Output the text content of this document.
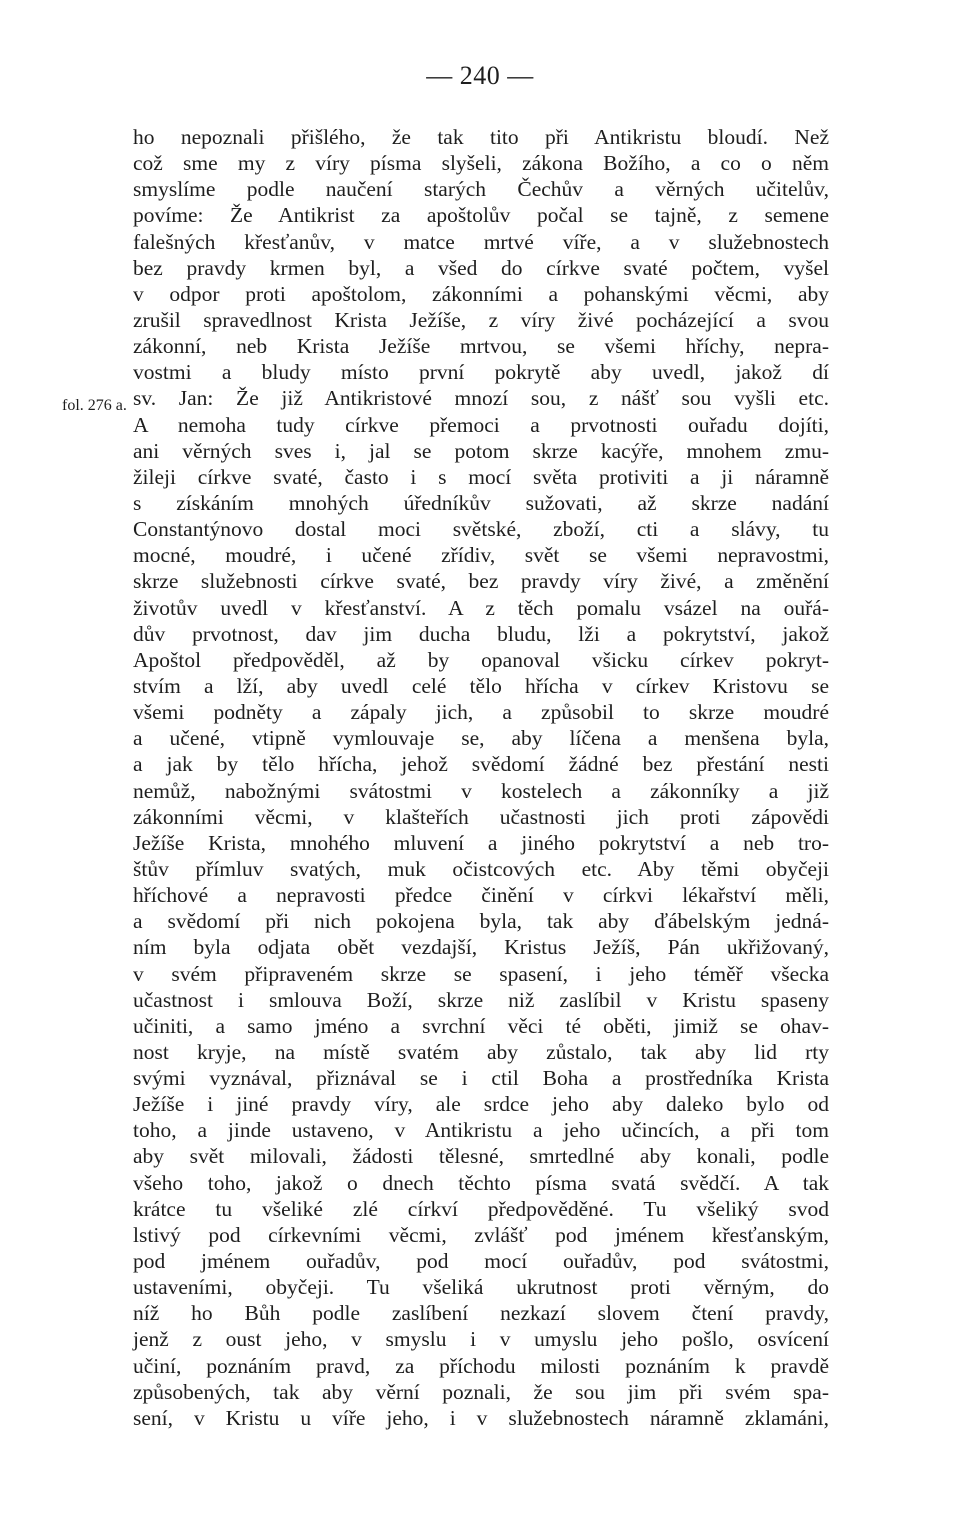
— 240 —
fol. 276 a.
ho nepoznali přišlého, že tak tito při Antikristu bloudí. Než
což sme my z víry písma slyšeli, zákona Božího, a co o něm
smyslíme podle naučení starých Čechův a věrných učitelův,
povíme: Že Antikrist za apoštolův počal se tajně, z semene
falešných křesťanův, v matce mrtvé víře, a v služebnostech
bez pravdy krmen byl, a všed do církve svaté počtem, vyšel
v odpor proti apoštolom, zákonními a pohanskými věcmi, aby
zrušil spravedlnost Krista Ježíše, z víry živé pocházející a svou
zákonní, neb Krista Ježíše mrtvou, se všemi hříchy, nepra-
vostmi a bludy místo první pokrytě aby uvedl, jakož dí
sv. Jan: Že již Antikristové mnozí sou, z nášť sou vyšli etc.
A nemoha tudy církve přemoci a prvotnosti ouřadu dojíti,
ani věrných sves i, jal se potom skrze kacýře, mnohem zmu-
žileji církve svaté, často i s mocí světa protiviti a ji náramně
s získáním mnohých úředníkův sužovati, až skrze nadání
Constantýnovo dostal moci světské, zboží, cti a slávy, tu
mocné, moudré, i učené zřídiv, svět se všemi nepravostmi,
skrze služebnosti církve svaté, bez pravdy víry živé, a změnění
životův uvedl v křesťanství. A z těch pomalu vsázel na ouřá-
dův prvotnost, dav jim ducha bludu, lži a pokrytství, jakož
Apoštol předpověděl, až by opanoval všicku církev pokryt-
stvím a lží, aby uvedl celé tělo hřícha v církev Kristovu se
všemi podněty a zápaly jich, a způsobil to skrze moudré
a učené, vtipně vymlouvaje se, aby líčena a menšena byla,
a jak by tělo hřícha, jehož svědomí žádné bez přestání nesti
nemůž, nabožnými svátostmi v kostelech a zákonníky a již
zákonními věcmi, v klašteřích učastnosti jich proti zápovědi
Ježíše Krista, mnohého mluvení a jiného pokrytství a neb tro-
štův přímluv svatých, muk očistcových etc. Aby těmi obyčeji
hříchové a nepravosti předce činění v církvi lékařství měli,
a svědomí při nich pokojena byla, tak aby ďábelským jedná-
ním byla odjata obět vezdajší, Kristus Ježíš, Pán ukřižovaný,
v svém připraveném skrze se spasení, i jeho téměř všecka
učastnost i smlouva Boží, skrze niž zaslíbil v Kristu spaseny
učiniti, a samo jméno a svrchní věci té oběti, jimiž se ohav-
nost kryje, na místě svatém aby zůstalo, tak aby lid rty
svými vyznával, přiznával se i ctil Boha a prostředníka Krista
Ježíše i jiné pravdy víry, ale srdce jeho aby daleko bylo od
toho, a jinde ustaveno, v Antikristu a jeho učincích, a při tom
aby svět milovali, žádosti tělesné, smrtedlné aby konali, podle
všeho toho, jakož o dnech těchto písma svatá svědčí. A tak
krátce tu všeliké zlé církví předpověděné. Tu všeliký svod
lstivý pod církevními věcmi, zvlášť pod jménem křesťanským,
pod jménem ouřadův, pod mocí ouřadův, pod svátostmi,
ustaveními, obyčeji. Tu všeliká ukrutnost proti věrným, do
níž ho Bůh podle zaslíbení nezkazí slovem čtení pravdy,
jenž z oust jeho, v smyslu i v umyslu jeho pošlo, osvícení
učiní, poznáním pravd, za příchodu milosti poznáním k pravdě
způsobených, tak aby věrní poznali, že sou jim při svém spa-
sení, v Kristu u víře jeho, i v služebnostech náramně zklamáni,
